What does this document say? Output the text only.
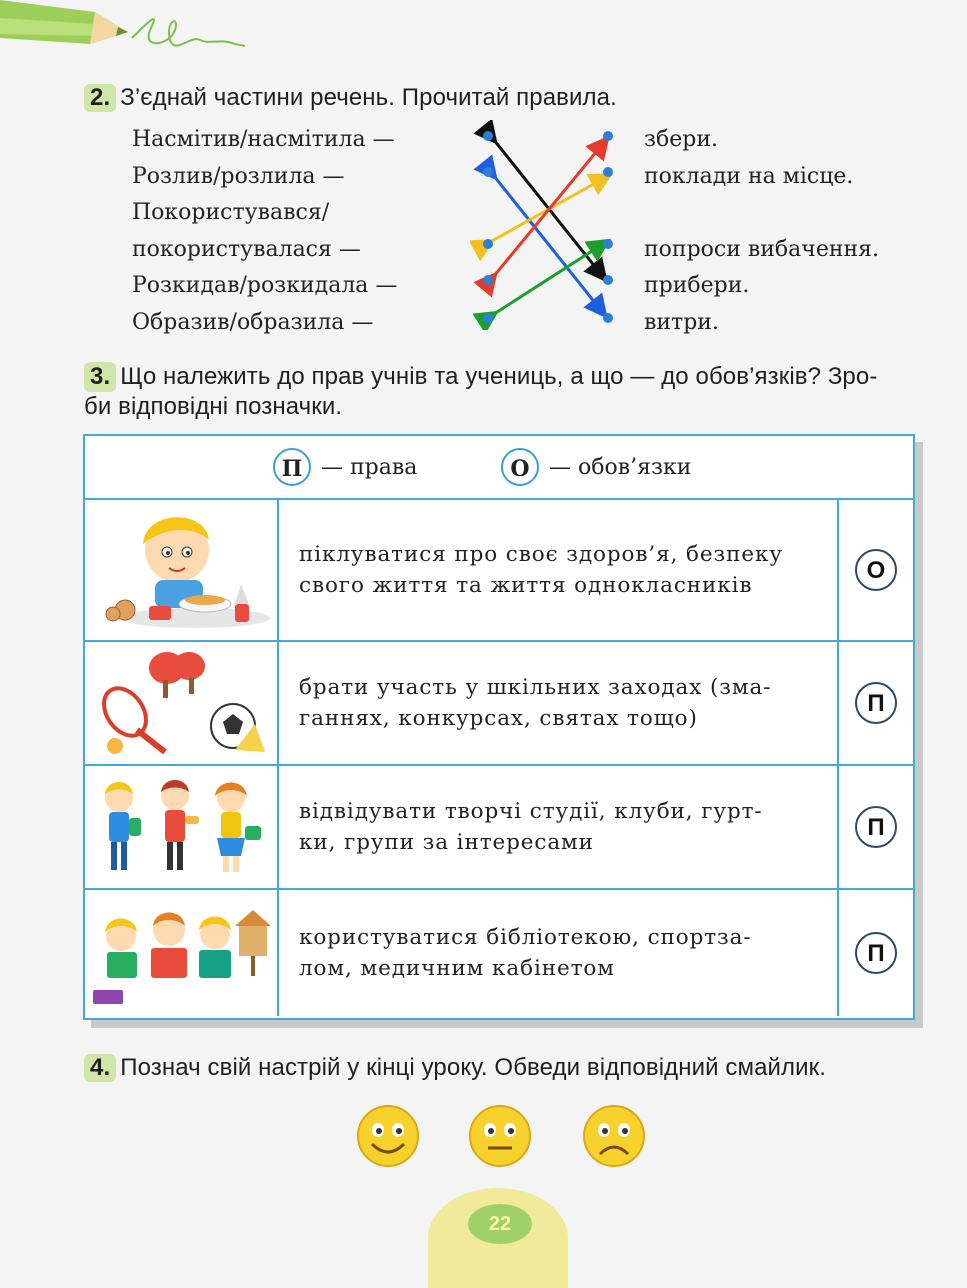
2. З’єднай частини речень. Прочитай правила.
Насмітив/насмітила —
Розлив/розлила —
Покористувався/
покористувалася —
Розкидав/розкидала —
Образив/образила —
збери.
поклади на місце.
попроси вибачення.
прибери.
витри.
3. Що належить до прав учнів та учениць, а що — до обов’язків? Зро-
би відповідні позначки.
П — права	О — обов’язки
піклуватися про своє здоров’я, безпеку
свого життя та життя однокласників
О
брати участь у шкільних заходах (зма-
ганнях, конкурсах, святах тощо)
П
відвідувати творчі студії, клуби, гурт-
ки, групи за інтересами
П
користуватися бібліотекою, спортза-
лом, медичним кабінетом
П
4. Познач свій настрій у кінці уроку. Обведи відповідний смайлик.
22
